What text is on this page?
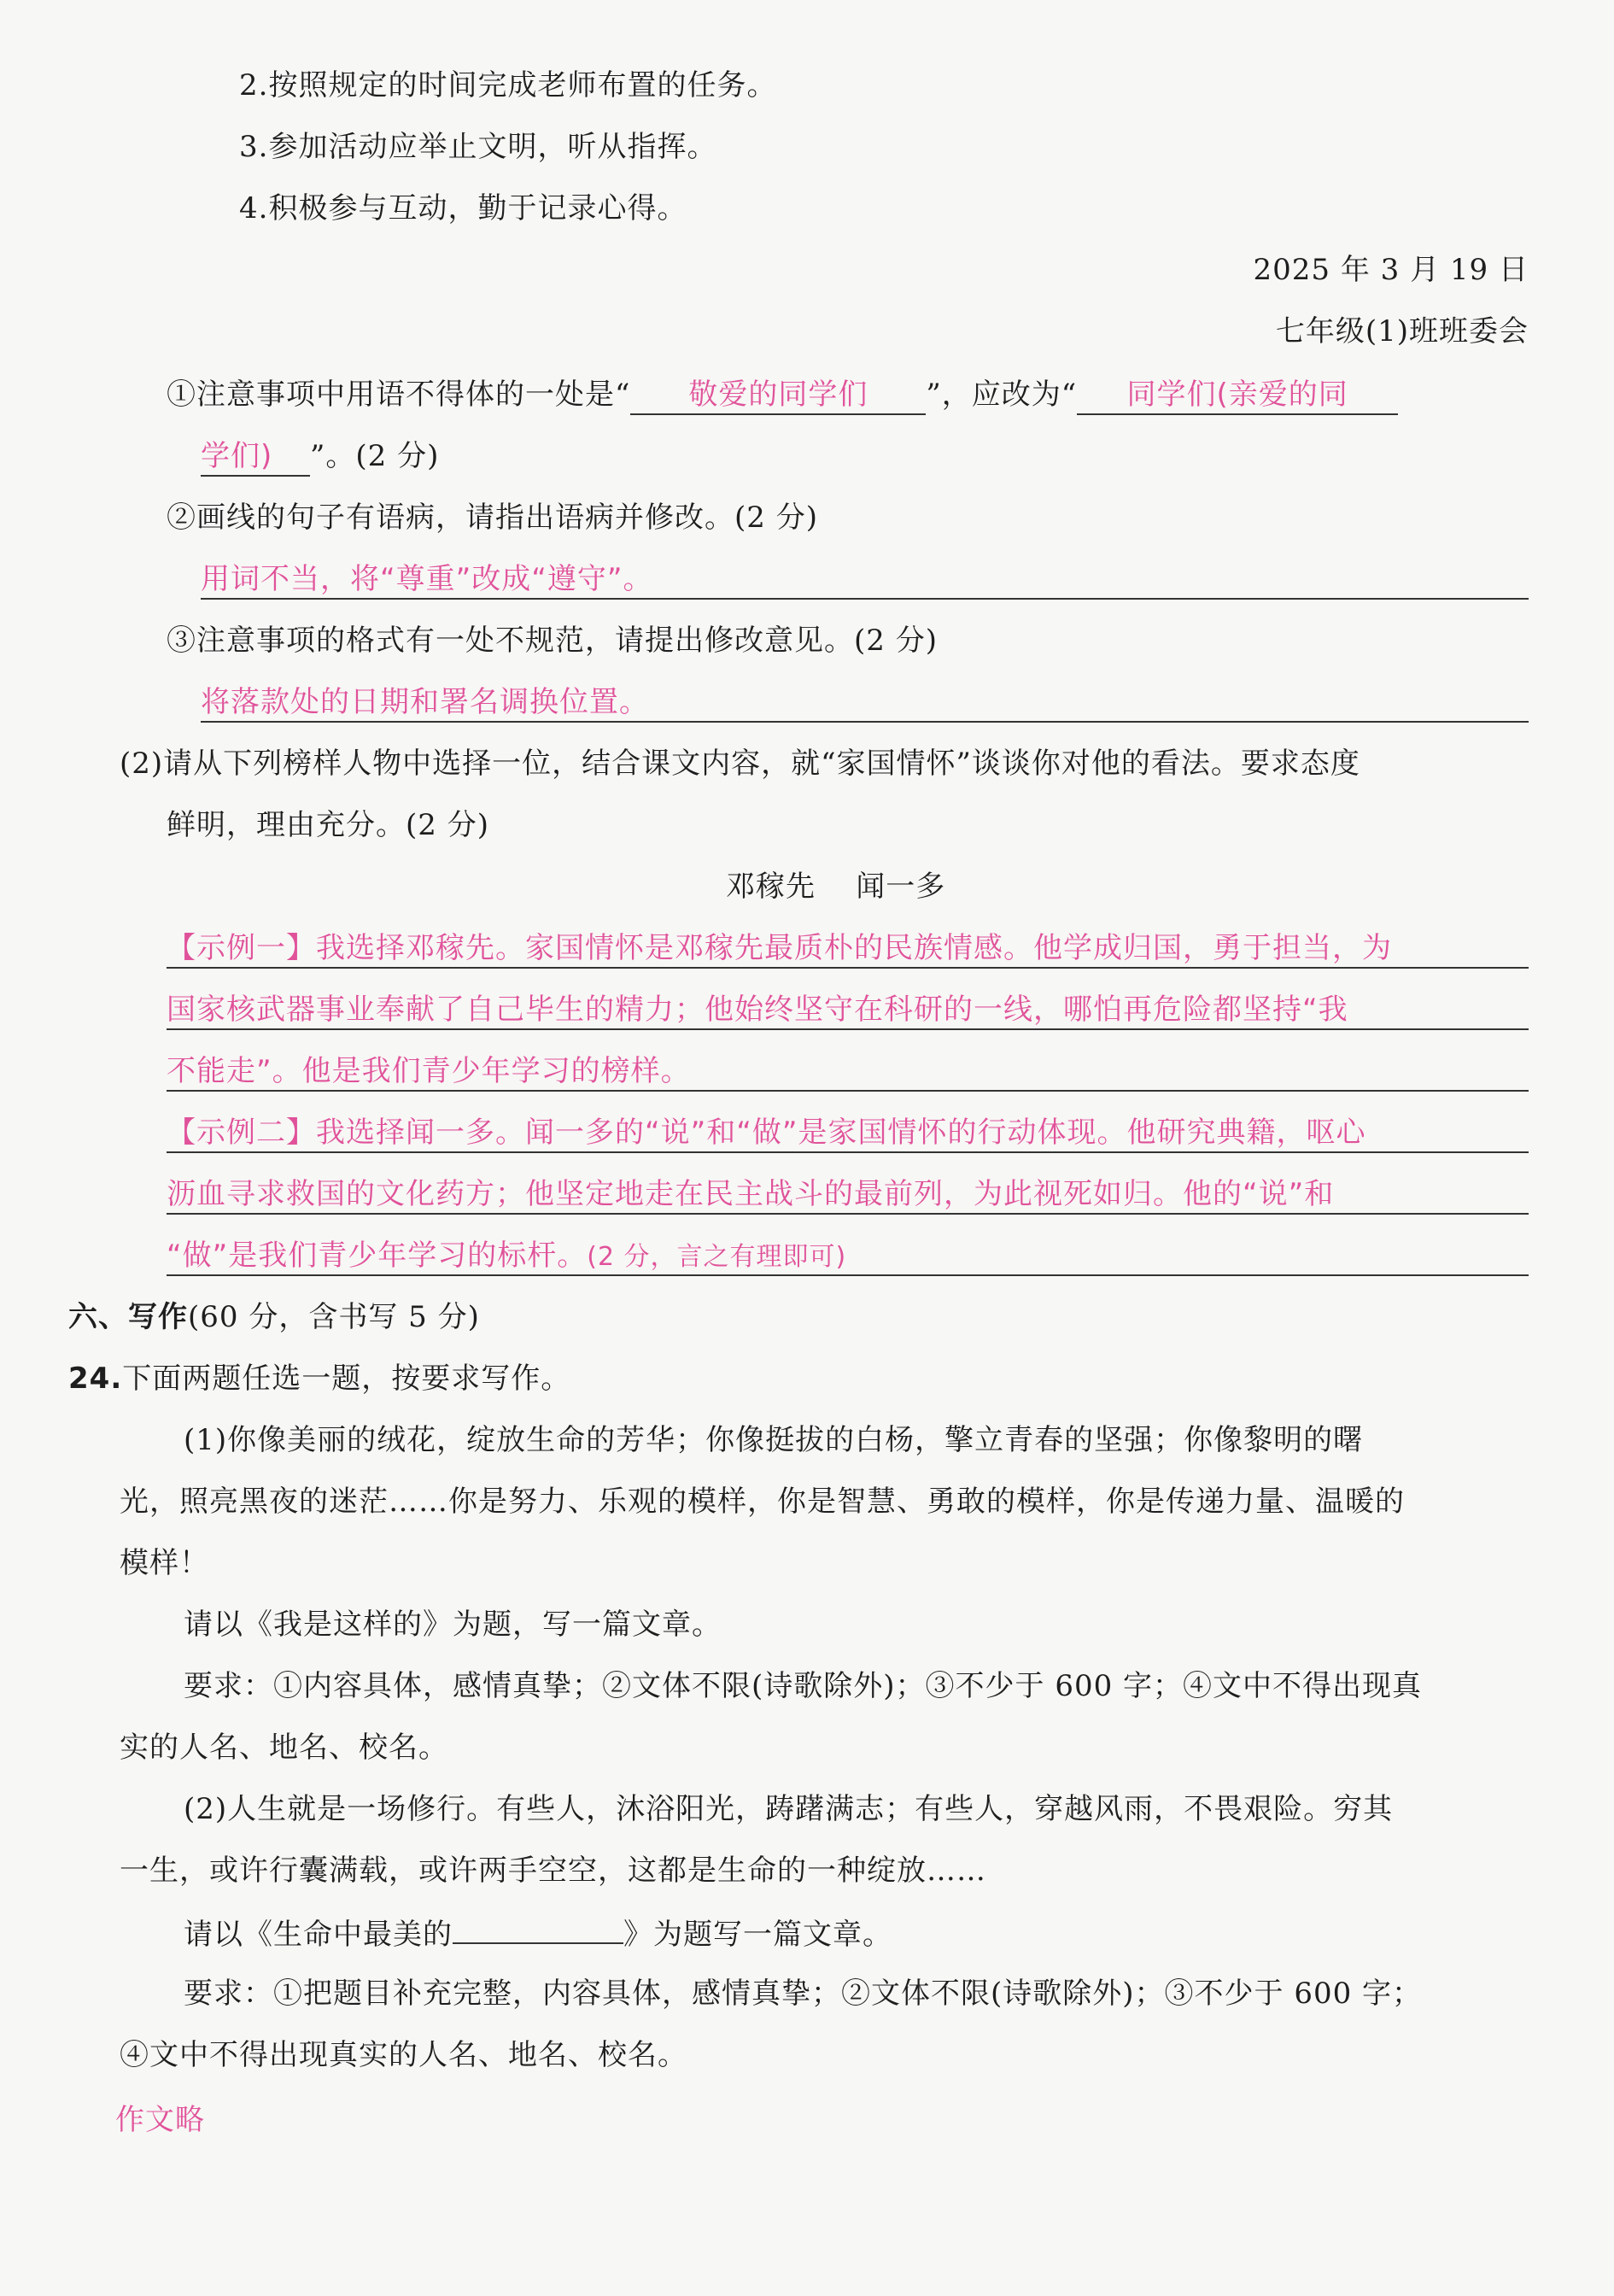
2.按照规定的时间完成老师布置的任务。
3.参加活动应举止文明，听从指挥。
4.积极参与互动，勤于记录心得。
2025 年 3 月 19 日
七年级(1)班班委会
①注意事项中用语不得体的一处是“ 敬爱的同学们 ”，应改为“ 同学们(亲爱的同
学们) ”。(2 分)
②画线的句子有语病，请指出语病并修改。(2 分)
用词不当，将“尊重”改成“遵守”。
③注意事项的格式有一处不规范，请提出修改意见。(2 分)
将落款处的日期和署名调换位置。
(2)请从下列榜样人物中选择一位，结合课文内容，就“家国情怀”谈谈你对他的看法。要求态度
鲜明，理由充分。(2 分)
邓稼先    闻一多
【示例一】我选择邓稼先。家国情怀是邓稼先最质朴的民族情感。他学成归国，勇于担当，为
国家核武器事业奉献了自己毕生的精力；他始终坚守在科研的一线，哪怕再危险都坚持“我
不能走”。他是我们青少年学习的榜样。
【示例二】我选择闻一多。闻一多的“说”和“做”是家国情怀的行动体现。他研究典籍，呕心
沥血寻求救国的文化药方；他坚定地走在民主战斗的最前列，为此视死如归。他的“说”和
“做”是我们青少年学习的标杆。(2 分，言之有理即可)
六、写作(60 分，含书写 5 分)
24.下面两题任选一题，按要求写作。
(1)你像美丽的绒花，绽放生命的芳华；你像挺拔的白杨，擎立青春的坚强；你像黎明的曙
光，照亮黑夜的迷茫……你是努力、乐观的模样，你是智慧、勇敢的模样，你是传递力量、温暖的
模样！
请以《我是这样的》为题，写一篇文章。
要求：①内容具体，感情真挚；②文体不限(诗歌除外)；③不少于 600 字；④文中不得出现真
实的人名、地名、校名。
(2)人生就是一场修行。有些人，沐浴阳光，踌躇满志；有些人，穿越风雨，不畏艰险。穷其
一生，或许行囊满载，或许两手空空，这都是生命的一种绽放……
请以《生命中最美的	》为题写一篇文章。
要求：①把题目补充完整，内容具体，感情真挚；②文体不限(诗歌除外)；③不少于 600 字；
④文中不得出现真实的人名、地名、校名。
作文略
